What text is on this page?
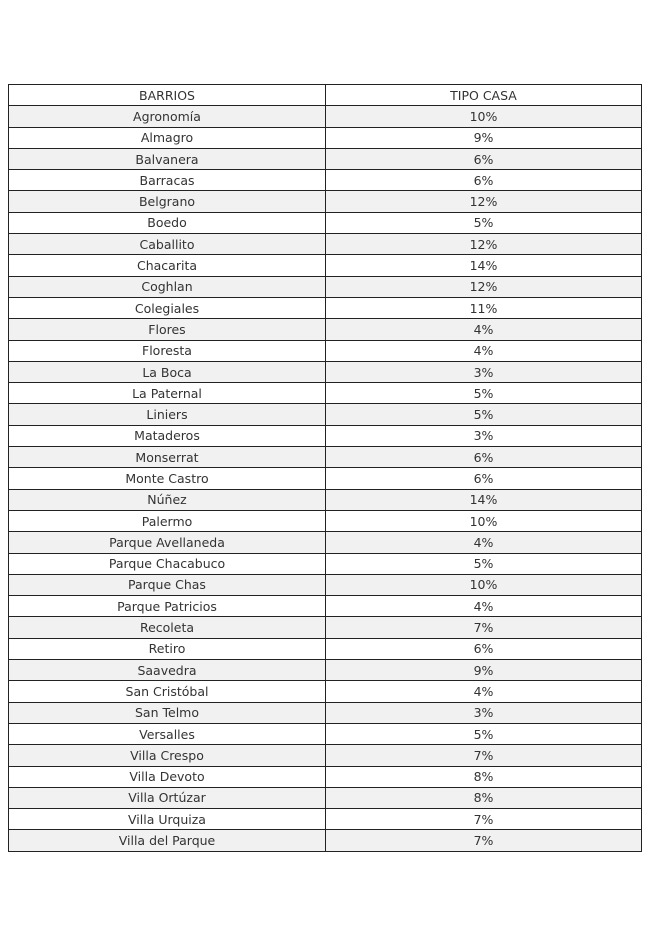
BARRIOS	TIPO CASA
Agronomía	10%
Almagro	9%
Balvanera	6%
Barracas	6%
Belgrano	12%
Boedo	5%
Caballito	12%
Chacarita	14%
Coghlan	12%
Colegiales	11%
Flores	4%
Floresta	4%
La Boca	3%
La Paternal	5%
Liniers	5%
Mataderos	3%
Monserrat	6%
Monte Castro	6%
Núñez	14%
Palermo	10%
Parque Avellaneda	4%
Parque Chacabuco	5%
Parque Chas	10%
Parque Patricios	4%
Recoleta	7%
Retiro	6%
Saavedra	9%
San Cristóbal	4%
San Telmo	3%
Versalles	5%
Villa Crespo	7%
Villa Devoto	8%
Villa Ortúzar	8%
Villa Urquiza	7%
Villa del Parque	7%
